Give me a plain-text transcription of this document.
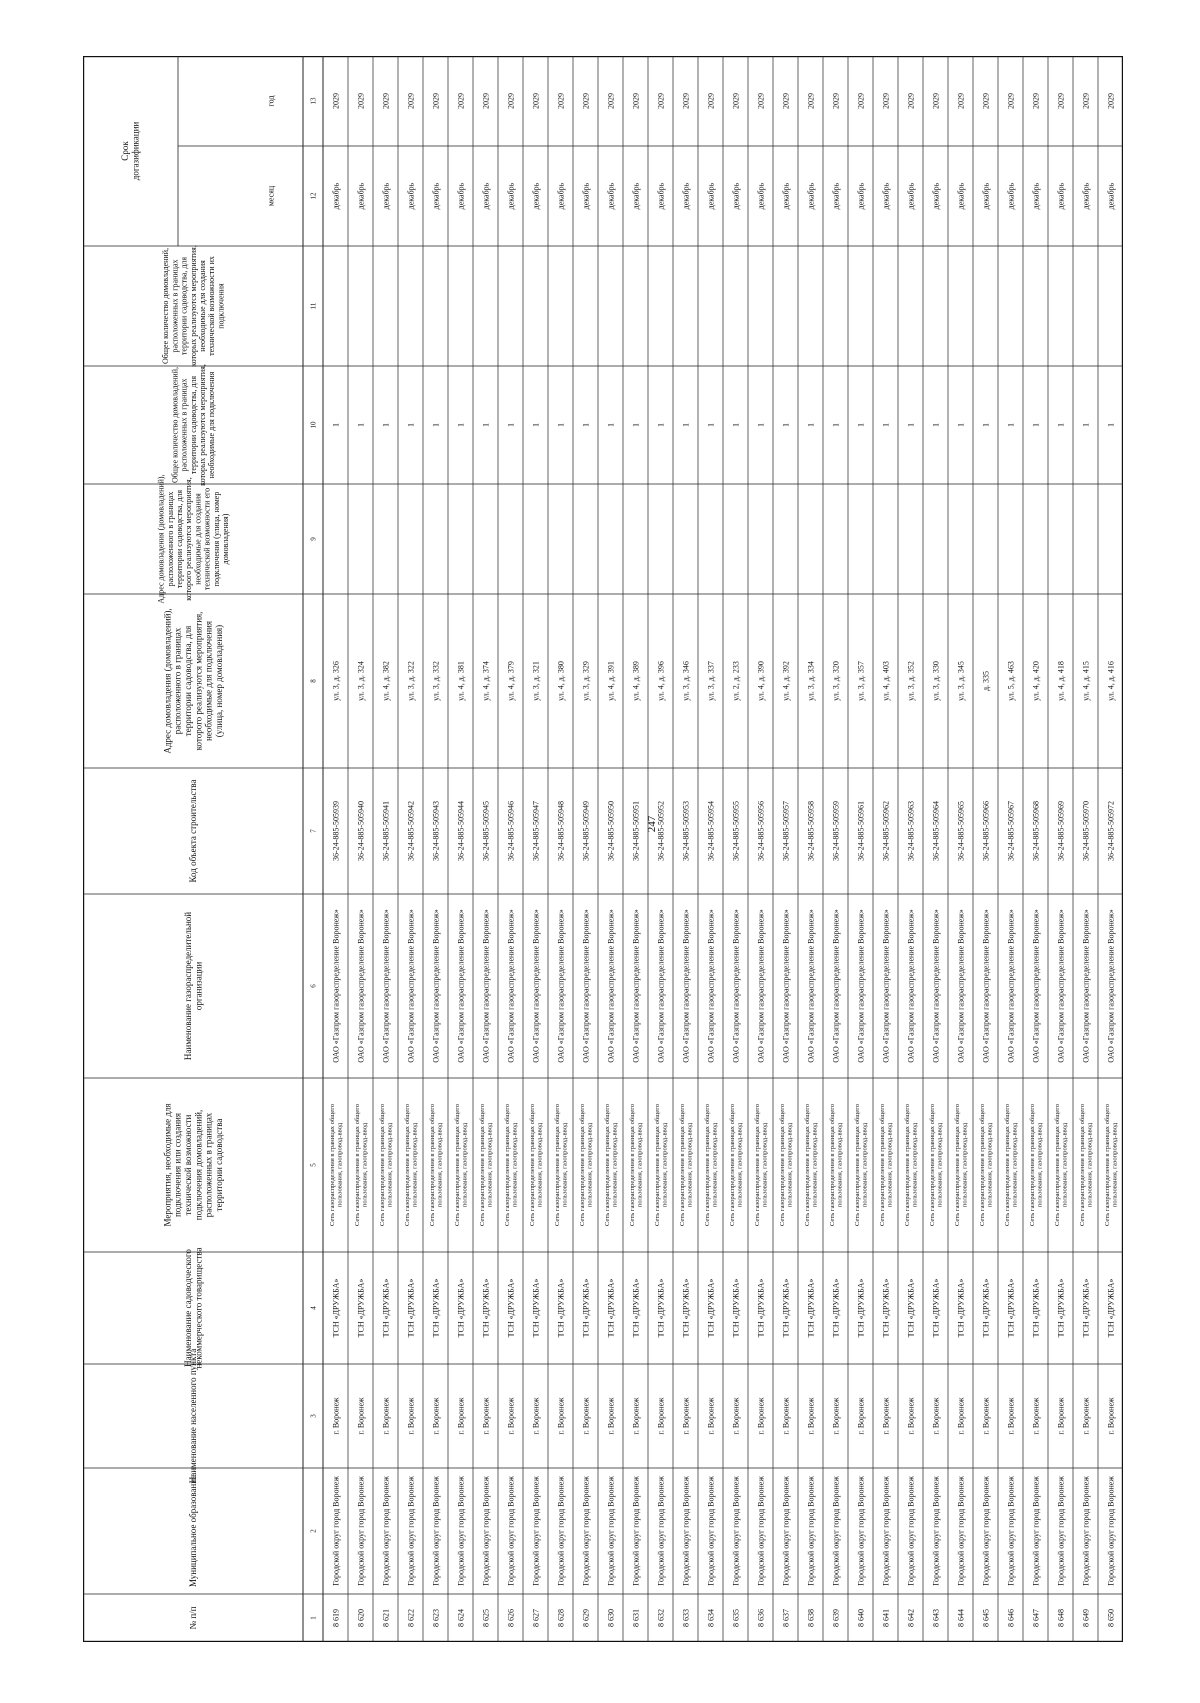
247
№ п/п
Муниципальное образование
Наименование населенного пункта
Наименование садоводческогонекоммерческого товарищества
Мероприятия, необходимые дляподключения или созданиятехнической возможностиподключения домовладений,расположенных в границахтерритории садоводства
Наименование газораспределительнойорганизации
Код объекта строительства
Адрес домовладения (домовладений),расположенного в границахтерритории садоводства, длякоторого реализуются мероприятия,необходимые для подключения(улица, номер домовладения)
Адрес домовладения (домовладений),расположенного в границахтерритории садоводства, длякоторого реализуются мероприятия,необходимые для созданиятехнической возможности егоподключения (улица, номердомовладения)
Общее количество домовладений,расположенных в границахтерритории садоводства, длякоторых реализуются мероприятия,необходимые для подключения
Общее количество домовладений,расположенных в границахтерритории садоводства, длякоторых реализуются мероприятия,необходимые для созданиятехнической возможности ихподключения
месяц
год
Срокдогазификации
1
2
3
4
5
6
7
8
9
10
11
12
13
8 619
Городской округ город Воронеж
г. Воронеж
ТСН «ДРУЖБА»
Сеть газораспределения в границах общегопользования, газопровод-ввод
ОАО «Газпром газораспределение Воронеж»
36-24-885-505939
ул. 3, д. 326
1
декабрь
2029
8 620
Городской округ город Воронеж
г. Воронеж
ТСН «ДРУЖБА»
Сеть газораспределения в границах общегопользования, газопровод-ввод
ОАО «Газпром газораспределение Воронеж»
36-24-885-505940
ул. 3, д. 324
1
декабрь
2029
8 621
Городской округ город Воронеж
г. Воронеж
ТСН «ДРУЖБА»
Сеть газораспределения в границах общегопользования, газопровод-ввод
ОАО «Газпром газораспределение Воронеж»
36-24-885-505941
ул. 4, д. 382
1
декабрь
2029
8 622
Городской округ город Воронеж
г. Воронеж
ТСН «ДРУЖБА»
Сеть газораспределения в границах общегопользования, газопровод-ввод
ОАО «Газпром газораспределение Воронеж»
36-24-885-505942
ул. 3, д. 322
1
декабрь
2029
8 623
Городской округ город Воронеж
г. Воронеж
ТСН «ДРУЖБА»
Сеть газораспределения в границах общегопользования, газопровод-ввод
ОАО «Газпром газораспределение Воронеж»
36-24-885-505943
ул. 3, д. 332
1
декабрь
2029
8 624
Городской округ город Воронеж
г. Воронеж
ТСН «ДРУЖБА»
Сеть газораспределения в границах общегопользования, газопровод-ввод
ОАО «Газпром газораспределение Воронеж»
36-24-885-505944
ул. 4, д. 381
1
декабрь
2029
8 625
Городской округ город Воронеж
г. Воронеж
ТСН «ДРУЖБА»
Сеть газораспределения в границах общегопользования, газопровод-ввод
ОАО «Газпром газораспределение Воронеж»
36-24-885-505945
ул. 4, д. 374
1
декабрь
2029
8 626
Городской округ город Воронеж
г. Воронеж
ТСН «ДРУЖБА»
Сеть газораспределения в границах общегопользования, газопровод-ввод
ОАО «Газпром газораспределение Воронеж»
36-24-885-505946
ул. 4, д. 379
1
декабрь
2029
8 627
Городской округ город Воронеж
г. Воронеж
ТСН «ДРУЖБА»
Сеть газораспределения в границах общегопользования, газопровод-ввод
ОАО «Газпром газораспределение Воронеж»
36-24-885-505947
ул. 3, д. 321
1
декабрь
2029
8 628
Городской округ город Воронеж
г. Воронеж
ТСН «ДРУЖБА»
Сеть газораспределения в границах общегопользования, газопровод-ввод
ОАО «Газпром газораспределение Воронеж»
36-24-885-505948
ул. 4, д. 380
1
декабрь
2029
8 629
Городской округ город Воронеж
г. Воронеж
ТСН «ДРУЖБА»
Сеть газораспределения в границах общегопользования, газопровод-ввод
ОАО «Газпром газораспределение Воронеж»
36-24-885-505949
ул. 3, д. 329
1
декабрь
2029
8 630
Городской округ город Воронеж
г. Воронеж
ТСН «ДРУЖБА»
Сеть газораспределения в границах общегопользования, газопровод-ввод
ОАО «Газпром газораспределение Воронеж»
36-24-885-505950
ул. 4, д. 391
1
декабрь
2029
8 631
Городской округ город Воронеж
г. Воронеж
ТСН «ДРУЖБА»
Сеть газораспределения в границах общегопользования, газопровод-ввод
ОАО «Газпром газораспределение Воронеж»
36-24-885-505951
ул. 4, д. 389
1
декабрь
2029
8 632
Городской округ город Воронеж
г. Воронеж
ТСН «ДРУЖБА»
Сеть газораспределения в границах общегопользования, газопровод-ввод
ОАО «Газпром газораспределение Воронеж»
36-24-885-505952
ул. 4, д. 396
1
декабрь
2029
8 633
Городской округ город Воронеж
г. Воронеж
ТСН «ДРУЖБА»
Сеть газораспределения в границах общегопользования, газопровод-ввод
ОАО «Газпром газораспределение Воронеж»
36-24-885-505953
ул. 3, д. 346
1
декабрь
2029
8 634
Городской округ город Воронеж
г. Воронеж
ТСН «ДРУЖБА»
Сеть газораспределения в границах общегопользования, газопровод-ввод
ОАО «Газпром газораспределение Воронеж»
36-24-885-505954
ул. 3, д. 337
1
декабрь
2029
8 635
Городской округ город Воронеж
г. Воронеж
ТСН «ДРУЖБА»
Сеть газораспределения в границах общегопользования, газопровод-ввод
ОАО «Газпром газораспределение Воронеж»
36-24-885-505955
ул. 2, д. 233
1
декабрь
2029
8 636
Городской округ город Воронеж
г. Воронеж
ТСН «ДРУЖБА»
Сеть газораспределения в границах общегопользования, газопровод-ввод
ОАО «Газпром газораспределение Воронеж»
36-24-885-505956
ул. 4, д. 390
1
декабрь
2029
8 637
Городской округ город Воронеж
г. Воронеж
ТСН «ДРУЖБА»
Сеть газораспределения в границах общегопользования, газопровод-ввод
ОАО «Газпром газораспределение Воронеж»
36-24-885-505957
ул. 4, д. 392
1
декабрь
2029
8 638
Городской округ город Воронеж
г. Воронеж
ТСН «ДРУЖБА»
Сеть газораспределения в границах общегопользования, газопровод-ввод
ОАО «Газпром газораспределение Воронеж»
36-24-885-505958
ул. 3, д. 334
1
декабрь
2029
8 639
Городской округ город Воронеж
г. Воронеж
ТСН «ДРУЖБА»
Сеть газораспределения в границах общегопользования, газопровод-ввод
ОАО «Газпром газораспределение Воронеж»
36-24-885-505959
ул. 3, д. 320
1
декабрь
2029
8 640
Городской округ город Воронеж
г. Воронеж
ТСН «ДРУЖБА»
Сеть газораспределения в границах общегопользования, газопровод-ввод
ОАО «Газпром газораспределение Воронеж»
36-24-885-505961
ул. 3, д. 357
1
декабрь
2029
8 641
Городской округ город Воронеж
г. Воронеж
ТСН «ДРУЖБА»
Сеть газораспределения в границах общегопользования, газопровод-ввод
ОАО «Газпром газораспределение Воронеж»
36-24-885-505962
ул. 4, д. 403
1
декабрь
2029
8 642
Городской округ город Воронеж
г. Воронеж
ТСН «ДРУЖБА»
Сеть газораспределения в границах общегопользования, газопровод-ввод
ОАО «Газпром газораспределение Воронеж»
36-24-885-505963
ул. 3, д. 352
1
декабрь
2029
8 643
Городской округ город Воронеж
г. Воронеж
ТСН «ДРУЖБА»
Сеть газораспределения в границах общегопользования, газопровод-ввод
ОАО «Газпром газораспределение Воронеж»
36-24-885-505964
ул. 3, д. 330
1
декабрь
2029
8 644
Городской округ город Воронеж
г. Воронеж
ТСН «ДРУЖБА»
Сеть газораспределения в границах общегопользования, газопровод-ввод
ОАО «Газпром газораспределение Воронеж»
36-24-885-505965
ул. 3, д. 345
1
декабрь
2029
8 645
Городской округ город Воронеж
г. Воронеж
ТСН «ДРУЖБА»
Сеть газораспределения в границах общегопользования, газопровод-ввод
ОАО «Газпром газораспределение Воронеж»
36-24-885-505966
д. 335
1
декабрь
2029
8 646
Городской округ город Воронеж
г. Воронеж
ТСН «ДРУЖБА»
Сеть газораспределения в границах общегопользования, газопровод-ввод
ОАО «Газпром газораспределение Воронеж»
36-24-885-505967
ул. 5, д. 463
1
декабрь
2029
8 647
Городской округ город Воронеж
г. Воронеж
ТСН «ДРУЖБА»
Сеть газораспределения в границах общегопользования, газопровод-ввод
ОАО «Газпром газораспределение Воронеж»
36-24-885-505968
ул. 4, д. 420
1
декабрь
2029
8 648
Городской округ город Воронеж
г. Воронеж
ТСН «ДРУЖБА»
Сеть газораспределения в границах общегопользования, газопровод-ввод
ОАО «Газпром газораспределение Воронеж»
36-24-885-505969
ул. 4, д. 418
1
декабрь
2029
8 649
Городской округ город Воронеж
г. Воронеж
ТСН «ДРУЖБА»
Сеть газораспределения в границах общегопользования, газопровод-ввод
ОАО «Газпром газораспределение Воронеж»
36-24-885-505970
ул. 4, д. 415
1
декабрь
2029
8 650
Городской округ город Воронеж
г. Воронеж
ТСН «ДРУЖБА»
Сеть газораспределения в границах общегопользования, газопровод-ввод
ОАО «Газпром газораспределение Воронеж»
36-24-885-505972
ул. 4, д. 416
1
декабрь
2029
